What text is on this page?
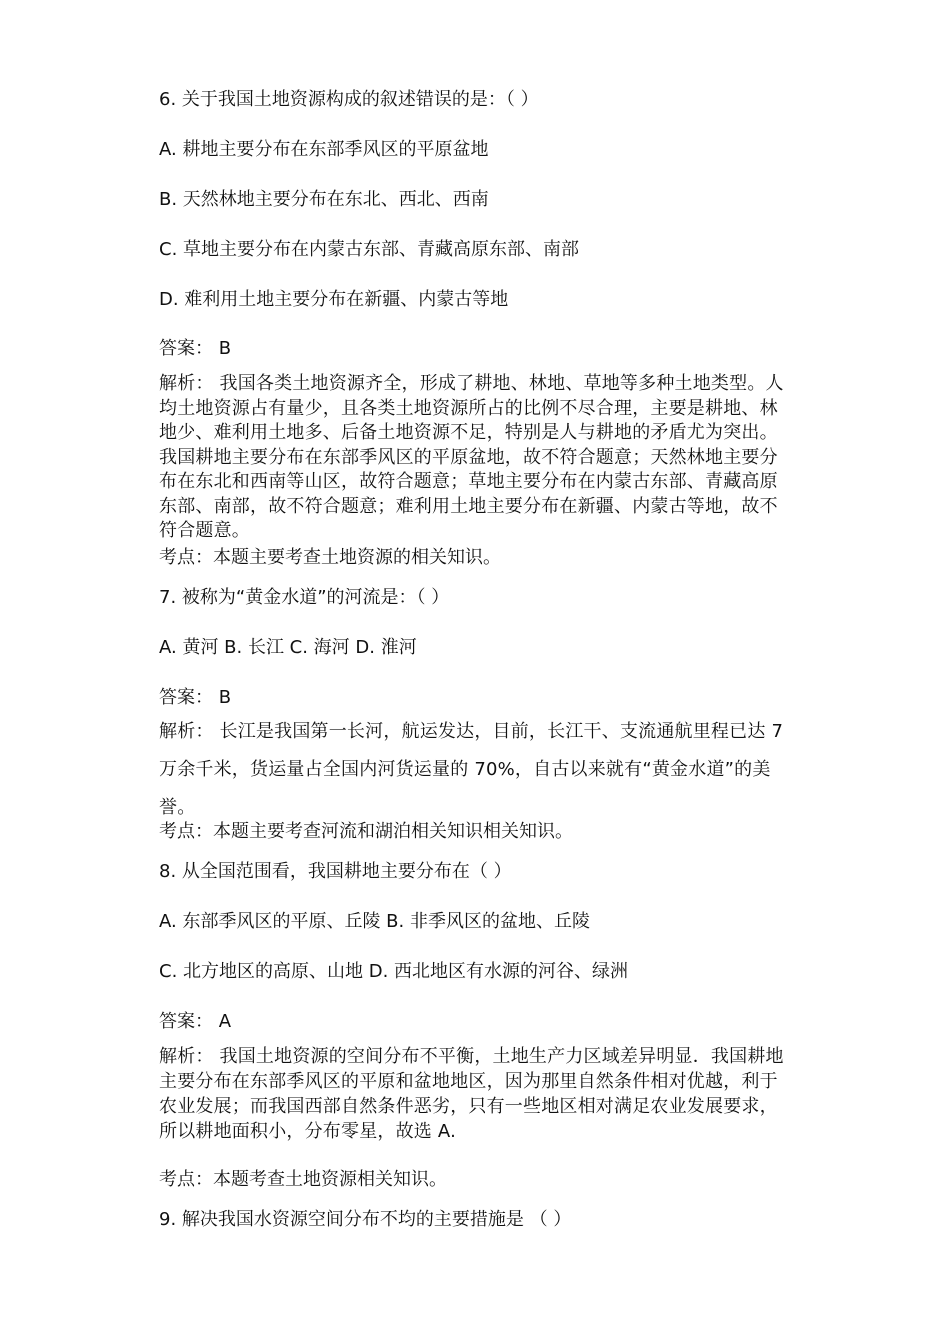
6. 关于我国土地资源构成的叙述错误的是：（ ）
A. 耕地主要分布在东部季风区的平原盆地
B. 天然林地主要分布在东北、西北、西南
C. 草地主要分布在内蒙古东部、青藏高原东部、南部
D. 难利用土地主要分布在新疆、内蒙古等地
答案： B
解析： 我国各类土地资源齐全，形成了耕地、林地、草地等多种土地类型。人均土地资源占有量少，且各类土地资源所占的比例不尽合理，主要是耕地、林地少、难利用土地多、后备土地资源不足，特别是人与耕地的矛盾尤为突出。我国耕地主要分布在东部季风区的平原盆地，故不符合题意；天然林地主要分布在东北和西南等山区，故符合题意；草地主要分布在内蒙古东部、青藏高原东部、南部，故不符合题意；难利用土地主要分布在新疆、内蒙古等地，故不符合题意。
考点：本题主要考查土地资源的相关知识。
7. 被称为“黄金水道”的河流是：（ ）
A. 黄河 B. 长江 C. 海河 D. 淮河
答案： B
解析： 长江是我国第一长河，航运发达，目前，长江干、支流通航里程已达 7 万余千米，货运量占全国内河货运量的 70%，自古以来就有“黄金水道”的美誉。
考点：本题主要考查河流和湖泊相关知识相关知识。
8. 从全国范围看，我国耕地主要分布在（ ）
A. 东部季风区的平原、丘陵 B. 非季风区的盆地、丘陵
C. 北方地区的高原、山地 D. 西北地区有水源的河谷、绿洲
答案： A
解析： 我国土地资源的空间分布不平衡，土地生产力区域差异明显．我国耕地主要分布在东部季风区的平原和盆地地区，因为那里自然条件相对优越，利于农业发展；而我国西部自然条件恶劣，只有一些地区相对满足农业发展要求，所以耕地面积小，分布零星，故选 A.
考点：本题考查土地资源相关知识。
9. 解决我国水资源空间分布不均的主要措施是 （ ）
